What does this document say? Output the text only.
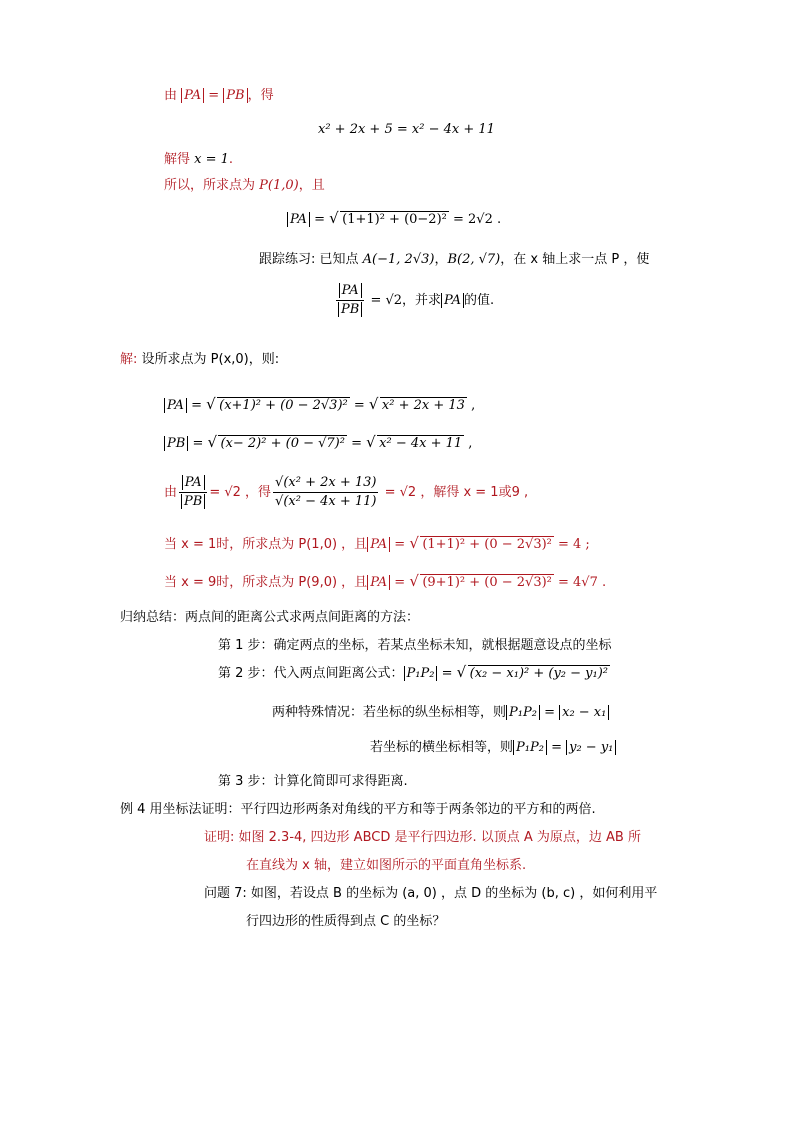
由 PA = PB ，得
x² + 2x + 5 = x² − 4x + 11
解得 x = 1.
所以，所求点为 P(1,0)，且
PA = √ (1+1)² + (0−2)² = 2√2 .
跟踪练习: 已知点 A(−1, 2√3)，B(2, √7)，在 x 轴上求一点 P ，使
$\frac{PA}{PB} = √2$，并求 PA 的值.
解: 设所求点为 P(x,0)，则:
PA = √ (x+1)² + (0 − 2√3)² = √ x² + 2x + 13 ,
PB = √ (x− 2)² + (0 − √7)² = √ x² − 4x + 11 ,
由 $\frac{PA}{PB} = √2$ ，得 $\frac{\text{√(x² + 2x + 13)}}{\text{√(x² − 4x + 11)}} = √2$ ，解得 x = 1或9 ,
当 x = 1时，所求点为 P(1,0) ，且 PA = √ (1+1)² + (0 − 2√3)² = 4 ;
当 x = 9时，所求点为 P(9,0) ，且 PA = √ (9+1)² + (0 − 2√3)² = 4√7 .
归纳总结：两点间的距离公式求两点间距离的方法：
第 1 步：确定两点的坐标，若某点坐标未知，就根据题意设点的坐标
第 2 步：代入两点间距离公式： P₁P₂ = √ (x₂ − x₁)² + (y₂ − y₁)²
两种特殊情况：若坐标的纵坐标相等，则 P₁P₂ = x₂ − x₁
若坐标的横坐标相等，则 P₁P₂ = y₂ − y₁
第 3 步：计算化简即可求得距离.
例 4 用坐标法证明：平行四边形两条对角线的平方和等于两条邻边的平方和的两倍.
证明: 如图 2.3-4, 四边形 ABCD 是平行四边形. 以顶点 A 为原点，边 AB 所
在直线为 x 轴，建立如图所示的平面直角坐标系.
问题 7: 如图，若设点 B 的坐标为 (a, 0) ，点 D 的坐标为 (b, c) ，如何利用平
行四边形的性质得到点 C 的坐标？
